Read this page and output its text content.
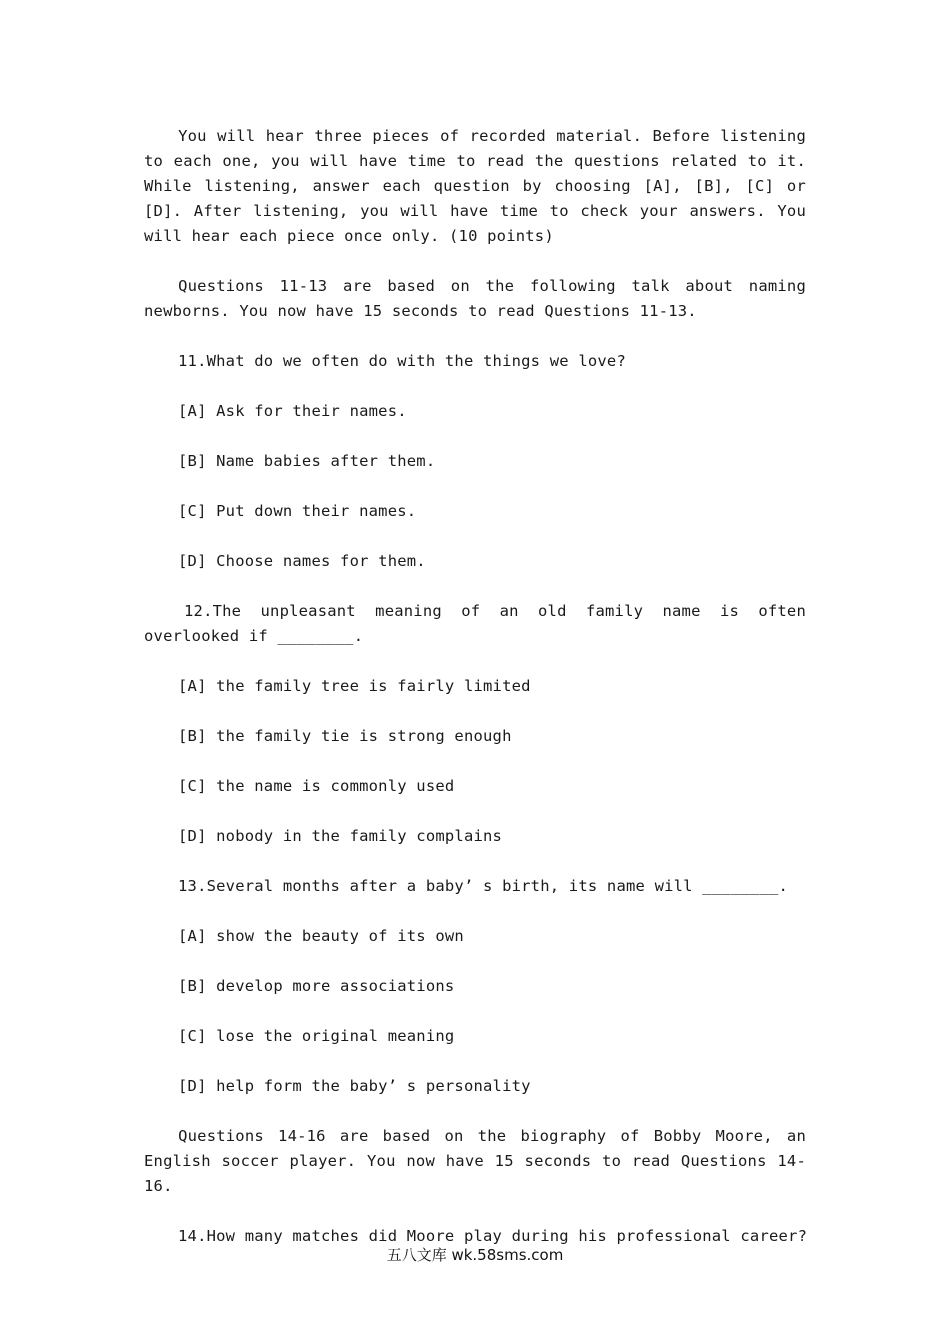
You will hear three pieces of recorded material. Before listening to each one, you will have time to read the questions related to it. While listening, answer each question by choosing [A], [B], [C] or [D]. After listening, you will have time to check your answers. You will hear each piece once only. (10 points)

Questions 11-13 are based on the following talk about naming newborns. You now have 15 seconds to read Questions 11-13.

11.What do we often do with the things we love?

[A] Ask for their names.

[B] Name babies after them.

[C] Put down their names.

[D] Choose names for them.

12.The unpleasant meaning of an old family name is often overlooked if ________.

[A] the family tree is fairly limited

[B] the family tie is strong enough

[C] the name is commonly used

[D] nobody in the family complains

13.Several months after a baby’ s birth, its name will ________.

[A] show the beauty of its own

[B] develop more associations

[C] lose the original meaning

[D] help form the baby’ s personality

Questions 14-16 are based on the biography of Bobby Moore, an English soccer player. You now have 15 seconds to read Questions 14-16.

14.How many matches did Moore play during his professional career?

五八文库 wk.58sms.com
